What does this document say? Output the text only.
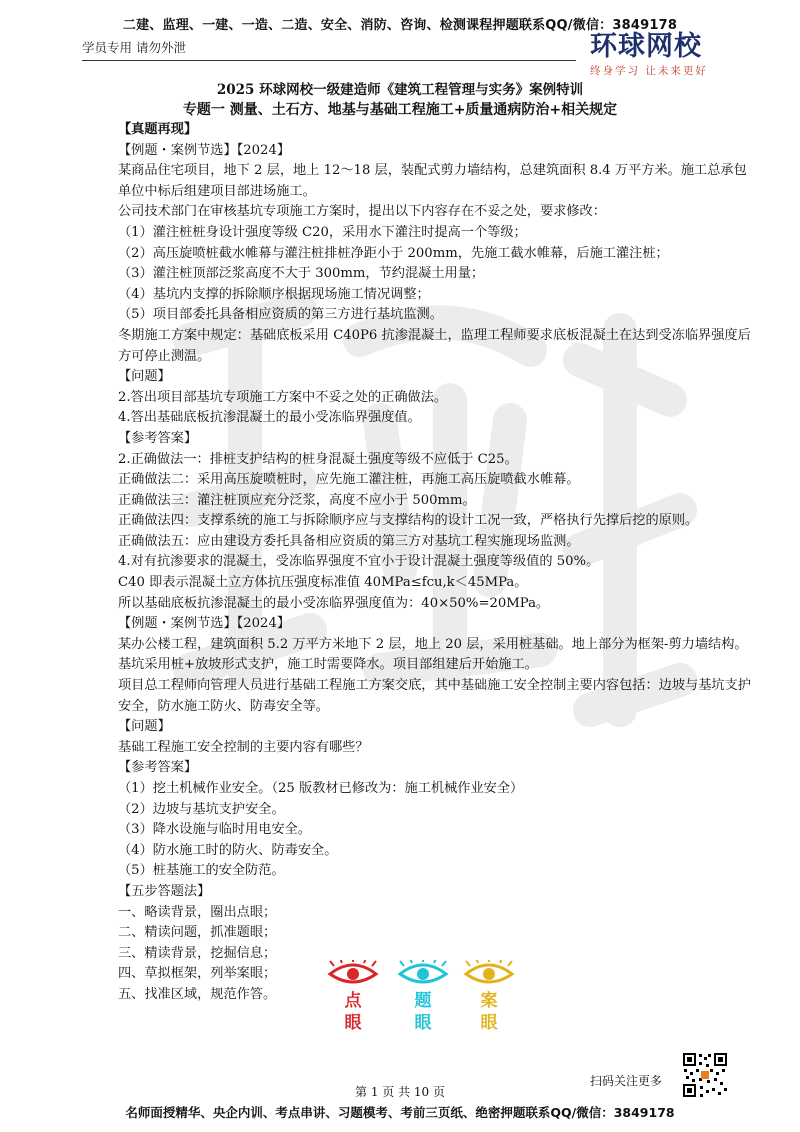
二建、监理、一建、一造、二造、安全、消防、咨询、检测课程押题联系QQ/微信：3849178
学员专用 请勿外泄	环球网校
终身学习 让未来更好
2025 环球网校一级建造师《建筑工程管理与实务》案例特训
专题一 测量、土石方、地基与基础工程施工+质量通病防治+相关规定

【真题再现】

【例题・案例节选】【2024】

某商品住宅项目，地下 2 层，地上 12～18 层，装配式剪力墙结构，总建筑面积 8.4 万平方米。施工总承包单位中标后组建项目部进场施工。

公司技术部门在审核基坑专项施工方案时，提出以下内容存在不妥之处，要求修改：

（1）灌注桩桩身设计强度等级 C20，采用水下灌注时提高一个等级；

（2）高压旋喷桩截水帷幕与灌注桩排桩净距小于 200mm，先施工截水帷幕，后施工灌注桩；

（3）灌注桩顶部泛浆高度不大于 300mm，节约混凝土用量；

（4）基坑内支撑的拆除顺序根据现场施工情况调整；

（5）项目部委托具备相应资质的第三方进行基坑监测。

冬期施工方案中规定：基础底板采用 C40P6 抗渗混凝土，监理工程师要求底板混凝土在达到受冻临界强度后方可停止测温。

【问题】

2.答出项目部基坑专项施工方案中不妥之处的正确做法。

4.答出基础底板抗渗混凝土的最小受冻临界强度值。

【参考答案】

2.正确做法一：排桩支护结构的桩身混凝土强度等级不应低于 C25。

正确做法二：采用高压旋喷桩时，应先施工灌注桩，再施工高压旋喷截水帷幕。

正确做法三：灌注桩顶应充分泛浆，高度不应小于 500mm。

正确做法四：支撑系统的施工与拆除顺序应与支撑结构的设计工况一致，严格执行先撑后挖的原则。

正确做法五：应由建设方委托具备相应资质的第三方对基坑工程实施现场监测。

4.对有抗渗要求的混凝土，受冻临界强度不宜小于设计混凝土强度等级值的 50%。

C40 即表示混凝土立方体抗压强度标准值 40MPa≤fcu,k＜45MPa。

所以基础底板抗渗混凝土的最小受冻临界强度值为：40×50%=20MPa。

【例题・案例节选】【2024】

某办公楼工程，建筑面积 5.2 万平方米地下 2 层，地上 20 层，采用桩基础。地上部分为框架-剪力墙结构。基坑采用桩+放坡形式支护，施工时需要降水。项目部组建后开始施工。

项目总工程师向管理人员进行基础工程施工方案交底，其中基础施工安全控制主要内容包括：边坡与基坑支护安全，防水施工防火、防毒安全等。

【问题】

基础工程施工安全控制的主要内容有哪些？

【参考答案】

（1）挖土机械作业安全。（25 版教材已修改为：施工机械作业安全）

（2）边坡与基坑支护安全。

（3）降水设施与临时用电安全。

（4）防水施工时的防火、防毒安全。

（5）桩基施工的安全防范。

【五步答题法】

一、略读背景，圈出点眼；

二、精读问题，抓准题眼；

三、精读背景，挖掘信息；

四、草拟框架，列举案眼；

五、找准区域，规范作答。	点
眼
题
眼
案
眼
扫码关注更多
第 1 页 共 10 页
名师面授精华、央企内训、考点串讲、习题模考、考前三页纸、绝密押题联系QQ/微信：3849178
